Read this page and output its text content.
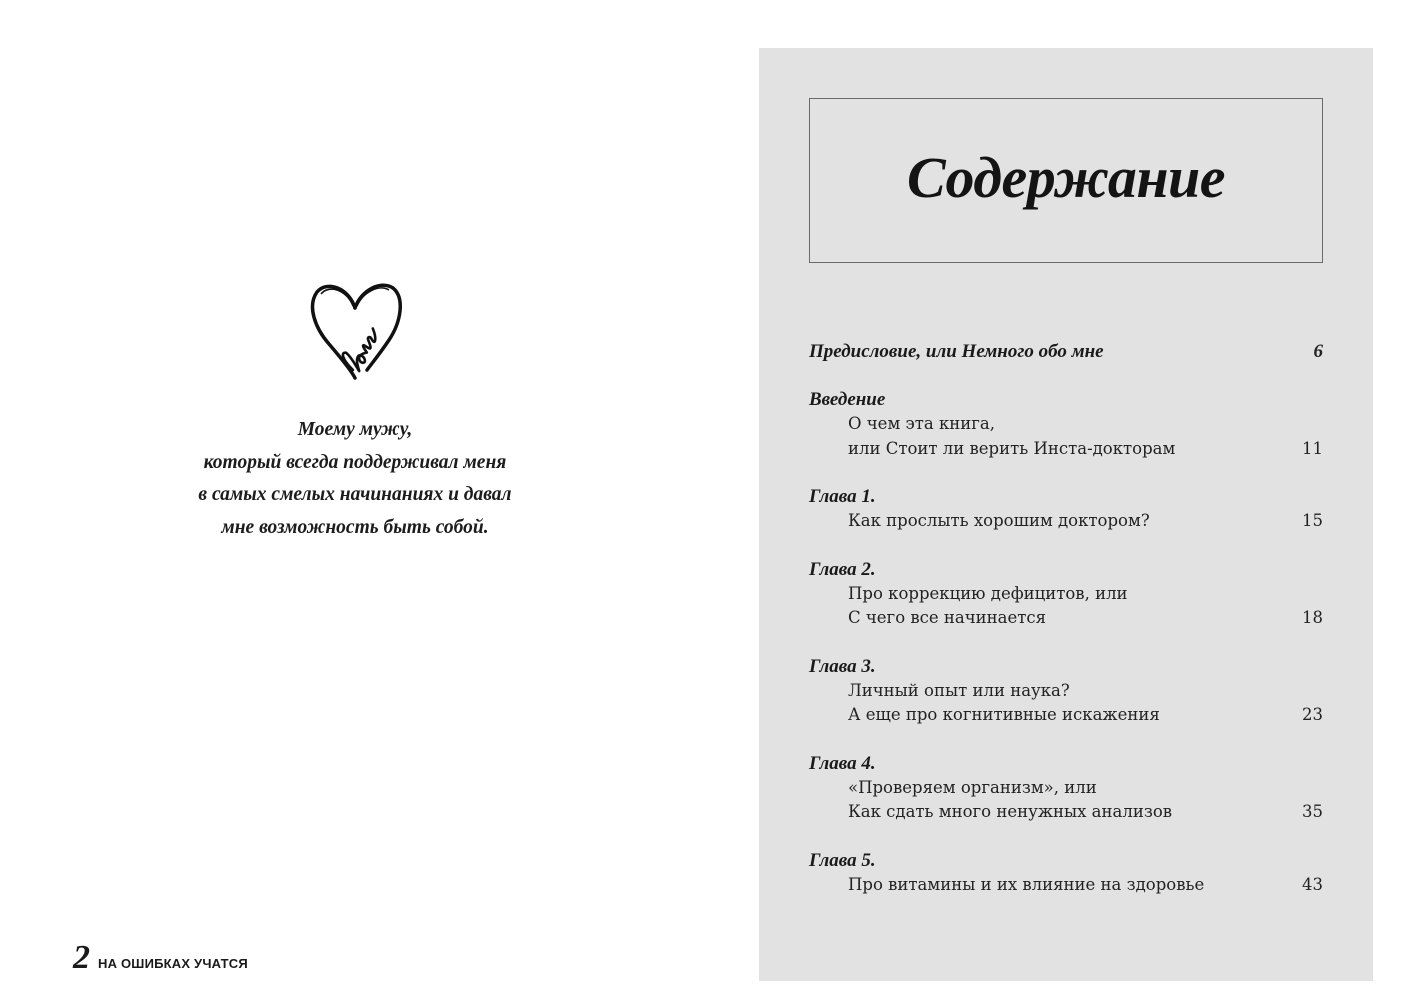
Моему мужу,
который всегда поддерживал меня
в самых смелых начинаниях и давал
мне возможность быть собой.
2 НА ОШИБКАХ УЧАТСЯ
Содержание
Предисловие, или Немного обо мне	6
Введение
О чем эта книга,
или Стоит ли верить Инста-докторам	11
Глава 1.
Как прослыть хорошим доктором?	15
Глава 2.
Про коррекцию дефицитов, или
С чего все начинается	18
Глава 3.
Личный опыт или наука?
А еще про когнитивные искажения	23
Глава 4.
«Проверяем организм», или
Как сдать много ненужных анализов	35
Глава 5.
Про витамины и их влияние на здоровье	43
